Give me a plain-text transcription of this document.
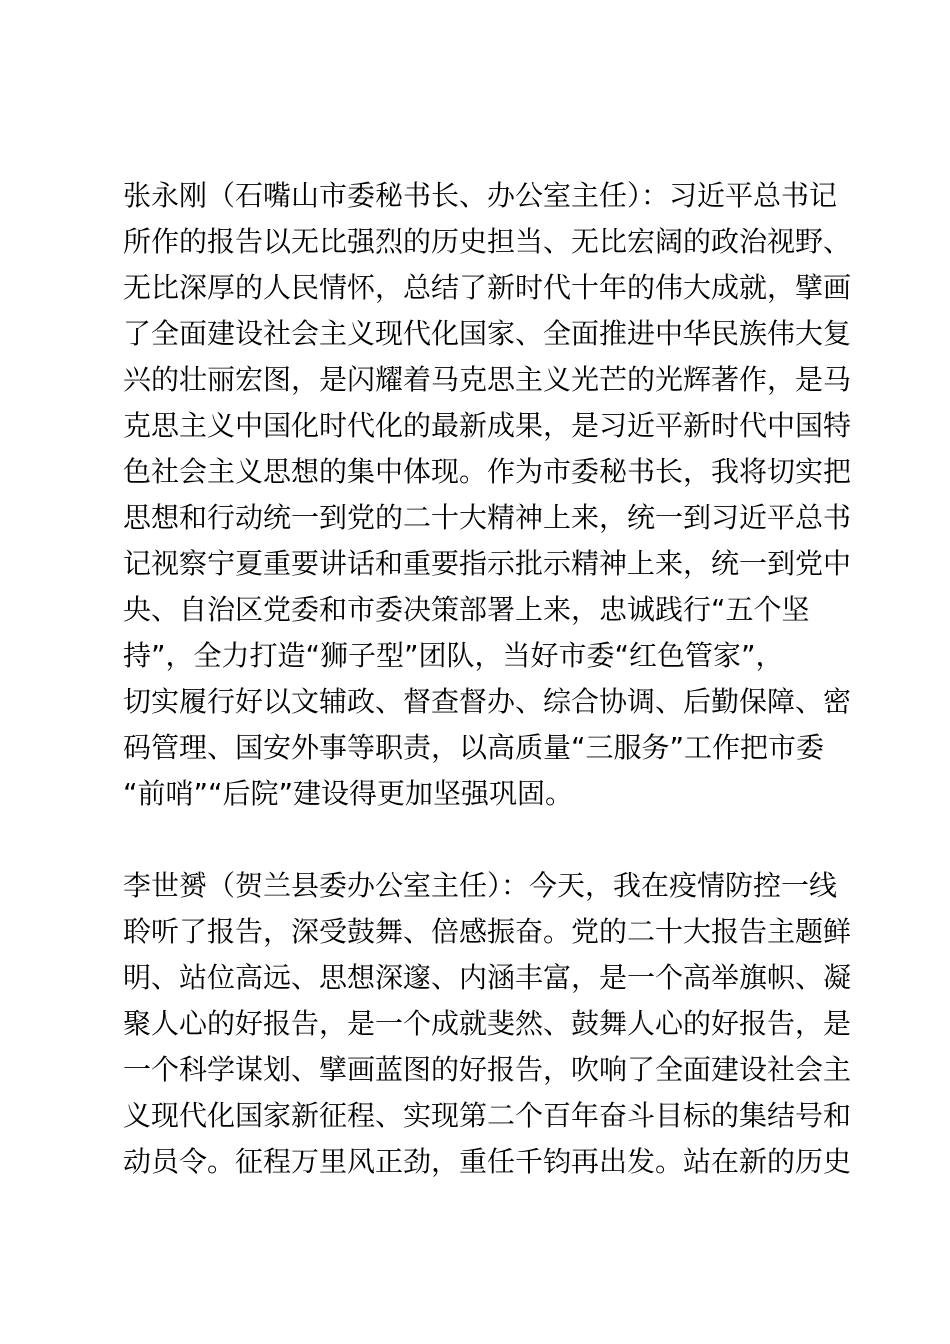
张永刚（石嘴山市委秘书长、办公室主任）：习近平总书记
所作的报告以无比强烈的历史担当、无比宏阔的政治视野、
无比深厚的人民情怀，总结了新时代十年的伟大成就，擘画
了全面建设社会主义现代化国家、全面推进中华民族伟大复
兴的壮丽宏图，是闪耀着马克思主义光芒的光辉著作，是马
克思主义中国化时代化的最新成果，是习近平新时代中国特
色社会主义思想的集中体现。作为市委秘书长，我将切实把
思想和行动统一到党的二十大精神上来，统一到习近平总书
记视察宁夏重要讲话和重要指示批示精神上来，统一到党中
央、自治区党委和市委决策部署上来，忠诚践行“五个坚
持”，全力打造“狮子型”团队，当好市委“红色管家”，
切实履行好以文辅政、督查督办、综合协调、后勤保障、密
码管理、国安外事等职责，以高质量“三服务”工作把市委
“前哨”“后院”建设得更加坚强巩固。
李世赟（贺兰县委办公室主任）：今天，我在疫情防控一线
聆听了报告，深受鼓舞、倍感振奋。党的二十大报告主题鲜
明、站位高远、思想深邃、内涵丰富，是一个高举旗帜、凝
聚人心的好报告，是一个成就斐然、鼓舞人心的好报告，是
一个科学谋划、擘画蓝图的好报告，吹响了全面建设社会主
义现代化国家新征程、实现第二个百年奋斗目标的集结号和
动员令。征程万里风正劲，重任千钧再出发。站在新的历史
